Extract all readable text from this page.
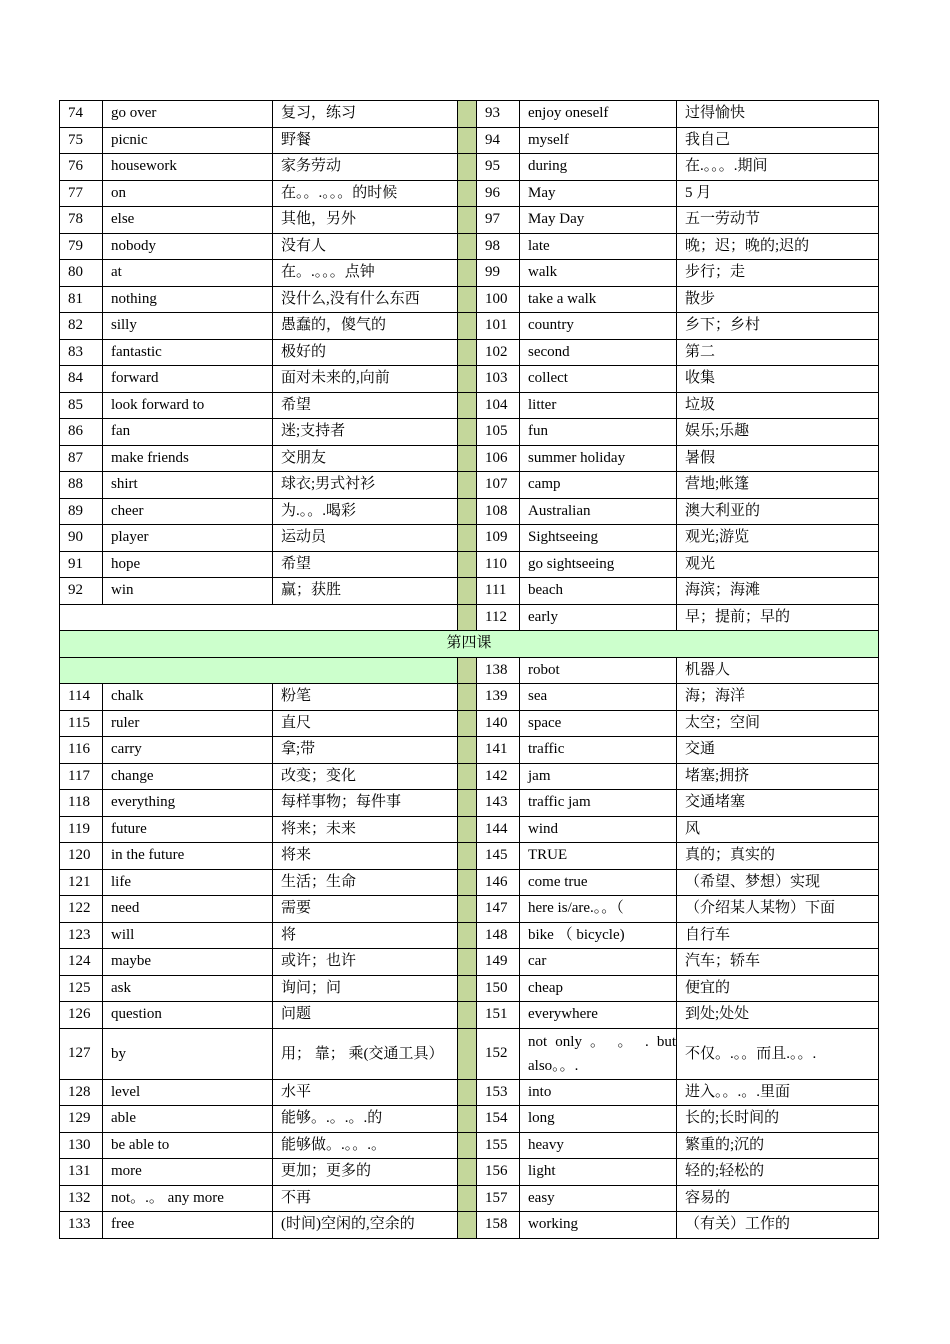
74	go over	复习，练习		93	enjoy oneself	过得愉快
75	picnic	野餐		94	myself	我自己
76	housework	家务劳动		95	during	在.。。。.期间
77	on	在。。.。。。的时候		96	May	5 月
78	else	其他，另外		97	May Day	五一劳动节
79	nobody	没有人		98	late	晚；迟；晚的;迟的
80	at	在。.。。。点钟		99	walk	步行；走
81	nothing	没什么,没有什么东西		100	take a walk	散步
82	silly	愚蠢的，傻气的		101	country	乡下；乡村
83	fantastic	极好的		102	second	第二
84	forward	面对未来的,向前		103	collect	收集
85	look forward to	希望		104	litter	垃圾
86	fan	迷;支持者		105	fun	娱乐;乐趣
87	make friends	交朋友		106	summer holiday	暑假
88	shirt	球衣;男式衬衫		107	camp	营地;帐篷
89	cheer	为.。。.喝彩		108	Australian	澳大利亚的
90	player	运动员		109	Sightseeing	观光;游览
91	hope	希望		110	go sightseeing	观光
92	win	赢；获胜		111	beach	海滨；海滩
				112	early	早；提前；早的
第四课						
				138	robot	机器人
114	chalk	粉笔		139	sea	海；海洋
115	ruler	直尺		140	space	太空；空间
116	carry	拿;带		141	traffic	交通
117	change	改变；变化		142	jam	堵塞;拥挤
118	everything	每样事物；每件事		143	traffic jam	交通堵塞
119	future	将来；未来		144	wind	风
120	in the future	将来		145	TRUE	真的；真实的
121	life	生活；生命		146	come true	（希望、梦想）实现
122	need	需要		147	here is/are.。。（	（介绍某人某物）下面
123	will	将		148	bike （ bicycle)	自行车
124	maybe	或许；也许		149	car	汽车；轿车
125	ask	询问；问		150	cheap	便宜的
126	question	问题		151	everywhere	到处;处处
127	by	用； 靠； 乘(交通工具）		152	not only 。 。 . but also。。.	不仅。.。。而且.。。.
128	level	水平		153	into	进入。。.。.里面
129	able	能够。.。.。.的		154	long	长的;长时间的
130	be able to	能够做。.。。.。		155	heavy	繁重的;沉的
131	more	更加；更多的		156	light	轻的;轻松的
132	not。.。 any more	不再		157	easy	容易的
133	free	(时间)空闲的,空余的		158	working	（有关）工作的
